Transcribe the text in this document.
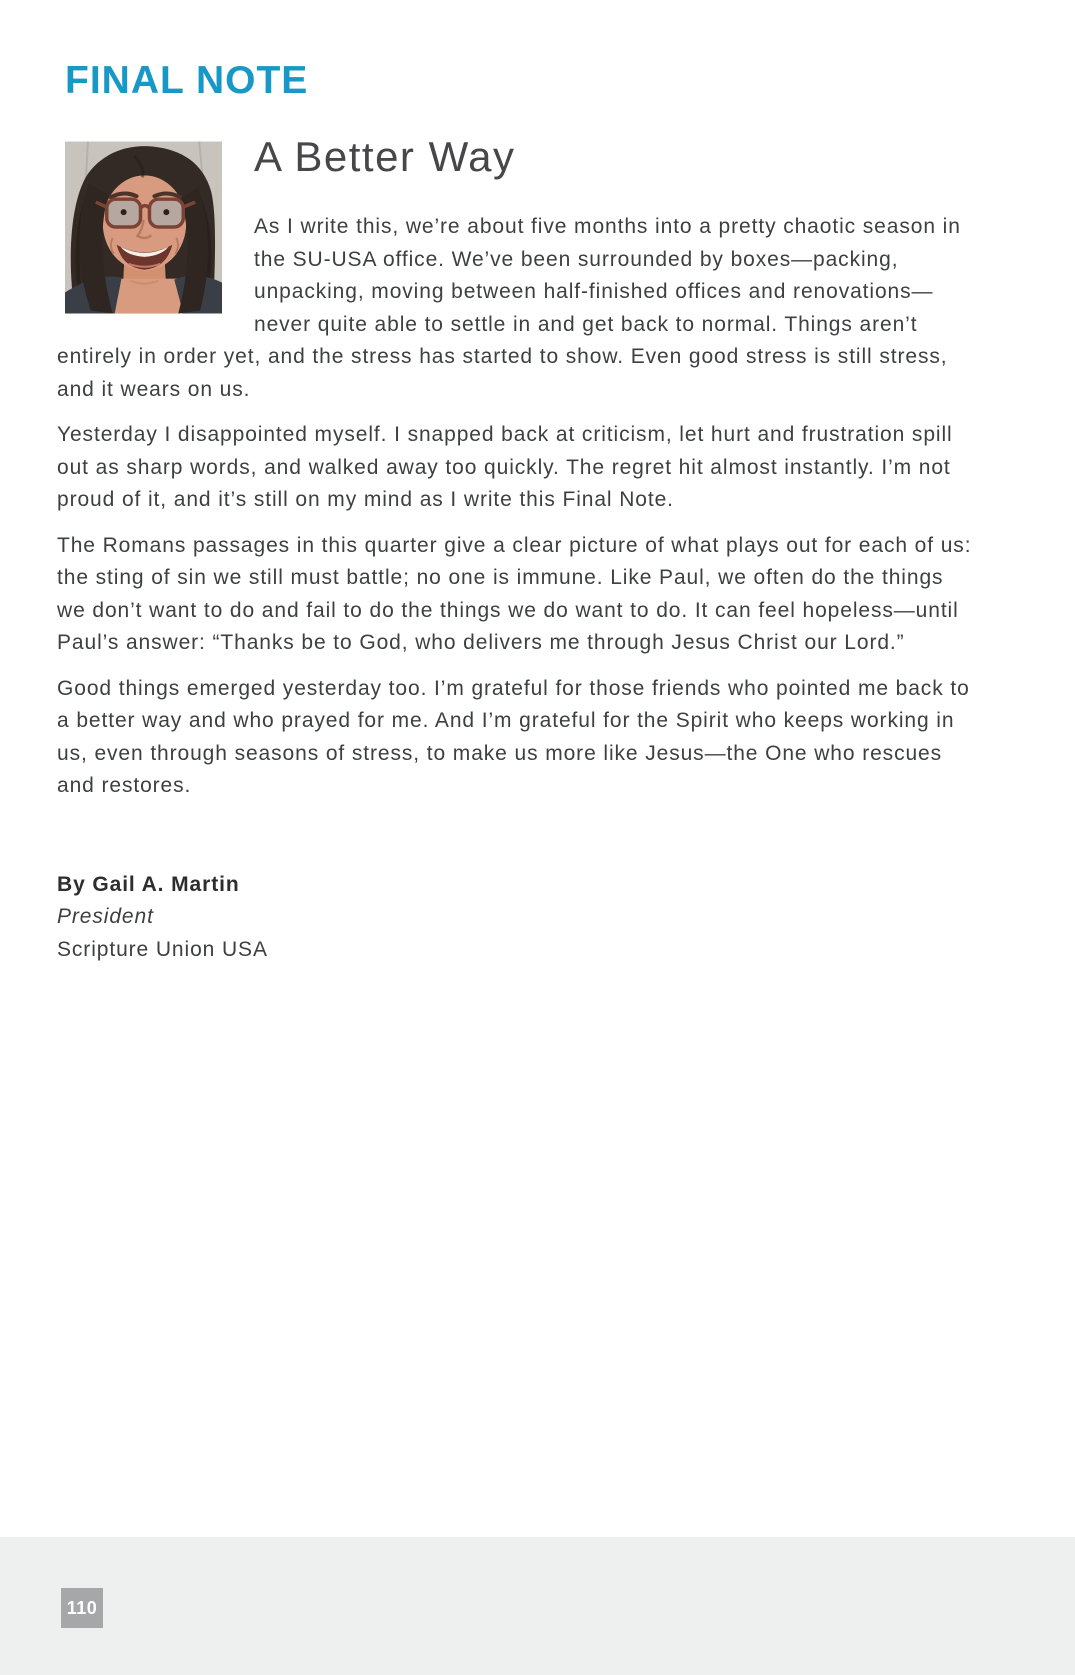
FINAL NOTE
A Better Way

As I write this, we’re about five months into a pretty chaotic season in the SU-USA office. We’ve been surrounded by boxes—packing, unpacking, moving between half-finished offices and renovations—never quite able to settle in and get back to normal. Things aren’t entirely in order yet, and the stress has started to show. Even good stress is still stress, and it wears on us.

Yesterday I disappointed myself. I snapped back at criticism, let hurt and frustration spill out as sharp words, and walked away too quickly. The regret hit almost instantly. I’m not proud of it, and it’s still on my mind as I write this Final Note.

The Romans passages in this quarter give a clear picture of what plays out for each of us: the sting of sin we still must battle; no one is immune. Like Paul, we often do the things we don’t want to do and fail to do the things we do want to do. It can feel hopeless—until Paul’s answer: “Thanks be to God, who delivers me through Jesus Christ our Lord.”

Good things emerged yesterday too. I’m grateful for those friends who pointed me back to a better way and who prayed for me. And I’m grateful for the Spirit who keeps working in us, even through seasons of stress, to make us more like Jesus—the One who rescues and restores.

By Gail A. Martin
President
Scripture Union USA
110
